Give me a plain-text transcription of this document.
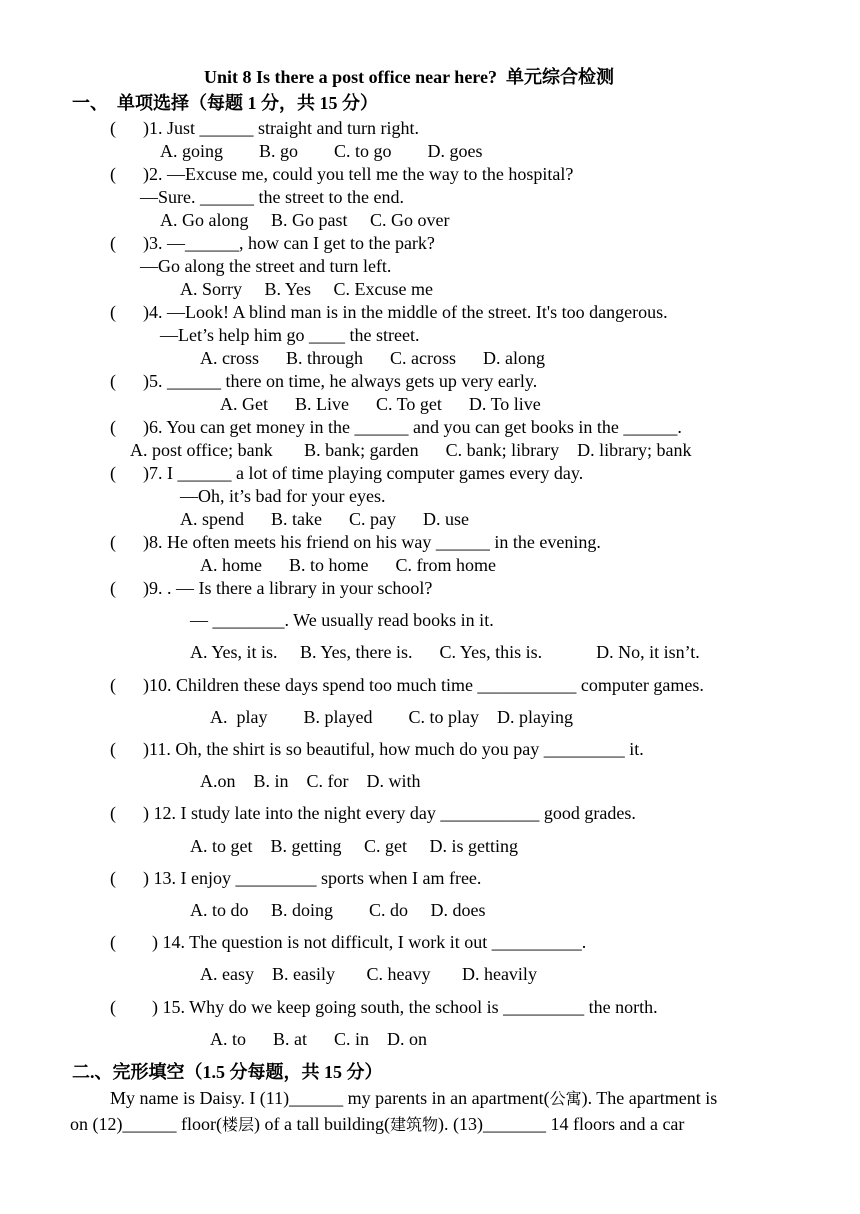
Unit 8 Is there a post office near here?  单元综合检测
一、  单项选择（每题 1 分，共 15 分）
(      )1. Just ______ straight and turn right.
A. going        B. go        C. to go        D. goes
(      )2. —Excuse me, could you tell me the way to the hospital?
—Sure. ______ the street to the end.
A. Go along     B. Go past     C. Go over
(      )3. —______, how can I get to the park?
—Go along the street and turn left.
A. Sorry     B. Yes     C. Excuse me
(      )4. —Look! A blind man is in the middle of the street. It's too dangerous.
—Let’s help him go ____ the street.
A. cross      B. through      C. across      D. along
(      )5. ______ there on time, he always gets up very early.
A. Get      B. Live      C. To get      D. To live
(      )6. You can get money in the ______ and you can get books in the ______.
A. post office; bank       B. bank; garden      C. bank; library    D. library; bank
(      )7. I ______ a lot of time playing computer games every day.
—Oh, it’s bad for your eyes.
A. spend      B. take      C. pay      D. use
(      )8. He often meets his friend on his way ______ in the evening.
A. home      B. to home      C. from home
(      )9. . — Is there a library in your school?
— ________. We usually read books in it.
A. Yes, it is.     B. Yes, there is.      C. Yes, this is.            D. No, it isn’t.
(      )10. Children these days spend too much time ___________ computer games.
A.  play        B. played        C. to play    D. playing
(      )11. Oh, the shirt is so beautiful, how much do you pay _________ it.
A.on    B. in    C. for    D. with
(      ) 12. I study late into the night every day ___________ good grades.
A. to get    B. getting     C. get     D. is getting
(      ) 13. I enjoy _________ sports when I am free.
A. to do     B. doing        C. do     D. does
(        ) 14. The question is not difficult, I work it out __________.
A. easy    B. easily       C. heavy       D. heavily
(        ) 15. Why do we keep going south, the school is _________ the north.
A. to      B. at      C. in    D. on
二.、完形填空（1.5 分每题，共 15 分）
My name is Daisy. I (11)______ my parents in an apartment(公寓). The apartment is
on (12)______ floor(楼层) of a tall building(建筑物). (13)_______ 14 floors and a car
